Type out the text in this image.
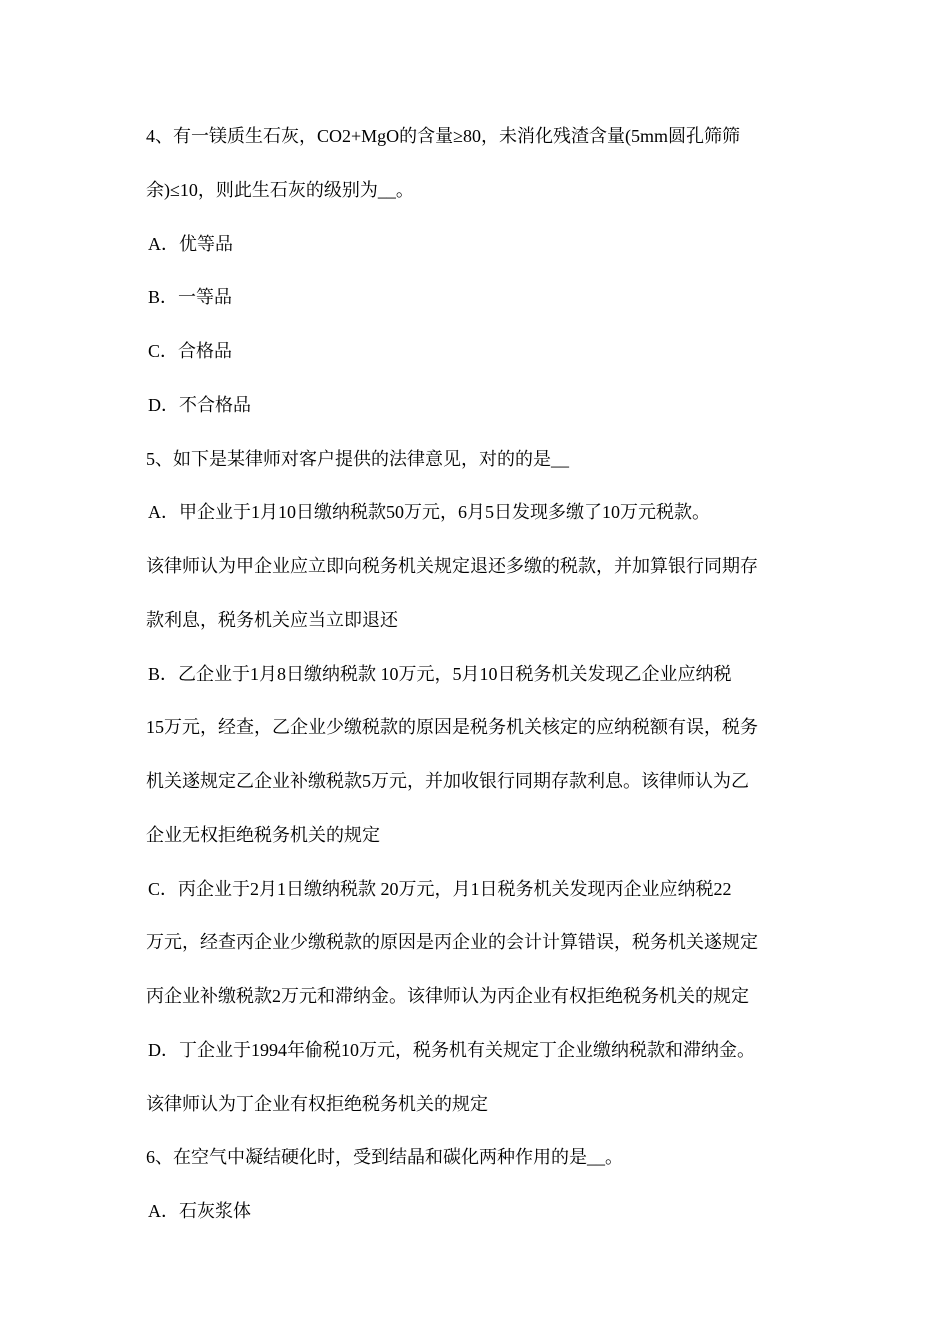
4、有一镁质生石灰，CO2+MgO的含量≥80，未消化残渣含量(5mm圆孔筛筛
余)≤10，则此生石灰的级别为__。
A．优等品
B．一等品
C．合格品
D．不合格品
5、如下是某律师对客户提供的法律意见，对的的是__
A．甲企业于1月10日缴纳税款50万元，6月5日发现多缴了10万元税款。
该律师认为甲企业应立即向税务机关规定退还多缴的税款，并加算银行同期存
款利息，税务机关应当立即退还
B．乙企业于1月8日缴纳税款 10万元，5月10日税务机关发现乙企业应纳税
15万元，经查，乙企业少缴税款的原因是税务机关核定的应纳税额有误，税务
机关遂规定乙企业补缴税款5万元，并加收银行同期存款利息。该律师认为乙
企业无权拒绝税务机关的规定
C．丙企业于2月1日缴纳税款 20万元，月1日税务机关发现丙企业应纳税22
万元，经查丙企业少缴税款的原因是丙企业的会计计算错误，税务机关遂规定
丙企业补缴税款2万元和滞纳金。该律师认为丙企业有权拒绝税务机关的规定
D．丁企业于1994年偷税10万元，税务机有关规定丁企业缴纳税款和滞纳金。
该律师认为丁企业有权拒绝税务机关的规定
6、在空气中凝结硬化时，受到结晶和碳化两种作用的是__。
A．石灰浆体
